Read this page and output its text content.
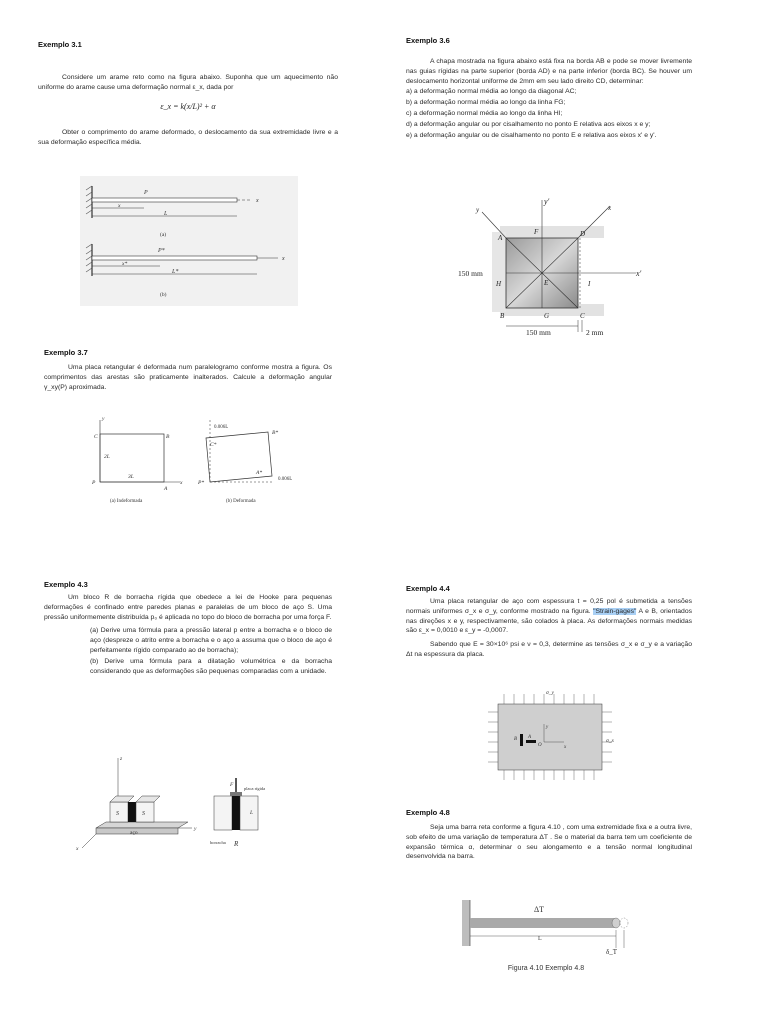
Exemplo 3.1
Considere um arame reto como na figura abaixo. Suponha que um aquecimento não uniforme do arame cause uma deformação normal ε_x, dada por
ε_x = k(x/L)² + α
Obter o comprimento do arame deformado, o deslocamento da sua extremidade livre e a sua deformação específica média.
P
x
x
L
(a)
x
P*
x*
L*
(b)
Exemplo 3.6
A chapa mostrada na figura abaixo está fixa na borda AB e pode se mover livremente nas guias rígidas na parte superior (borda AD) e na parte inferior (borda BC). Se houver um deslocamento horizontal uniforme de 2mm em seu lado direito CD, determinar:
a) a deformação normal média ao longo da diagonal AC;
b) a deformação normal média ao longo da linha FG;
c) a deformação normal média ao longo da linha HI;
d) a deformação angular ou por cisalhamento no ponto E relativa aos eixos x e y;
e) a deformação angular ou de cisalhamento no ponto E e relativa aos eixos x' e y'.
y'
y	x
x'
A
B	C
D
E
F
G
H	I
150 mm
150 mm	2 mm
Exemplo 3.7
Uma placa retangular é deformada num paralelogramo conforme mostra a figura. Os comprimentos das arestas são praticamente inalterados. Calcule a deformação angular γ_xy(P) aproximada.
y
C	B
2L
3L
P
A
x
(a) Indeformada
0.006L
B*
C*
A*
0.006L
P*
(b) Deformada
Exemplo 4.3
Um bloco R de borracha rígida que obedece a lei de Hooke para pequenas deformações é confinado entre paredes planas e paralelas de um bloco de aço S. Uma pressão uniformemente distribuída p₀ é aplicada no topo do bloco de borracha por uma força F.
(a) Derive uma fórmula para a pressão lateral p entre a borracha e o bloco de aço (despreze o atrito entre a borracha e o aço a assuma que o bloco de aço é perfeitamente rígido comparado ao de borracha);
(b) Derive uma fórmula para a dilatação volumétrica e da borracha considerando que as deformações são pequenas comparadas com a unidade.
z
aço
S	S
y
x
F
placa rígida
L
borracha R
Exemplo 4.4
Uma placa retangular de aço com espessura t = 0,25 pol é submetida a tensões normais uniformes σ_x e σ_y, conforme mostrado na figura. "Strain-gages" A e B, orientados nas direções x e y, respectivamente, são colados à placa. As deformações normais medidas são ε_x = 0,0010 e ε_y = -0,0007.
Sabendo que E = 30×10⁶ psi e ν = 0,3, determine as tensões σ_x e σ_y e a variação Δt na espessura da placa.
σ_y
σ_x
B A
O
y
x
Exemplo 4.8
Seja uma barra reta conforme a figura 4.10 , com uma extremidade fixa e a outra livre, sob efeito de uma variação de temperatura ΔT . Se o material da barra tem um coeficiente de expansão térmica α, determinar o seu alongamento e a tensão normal longitudinal desenvolvida na barra.
ΔT
L
δ_T
Figura 4.10 Exemplo 4.8
